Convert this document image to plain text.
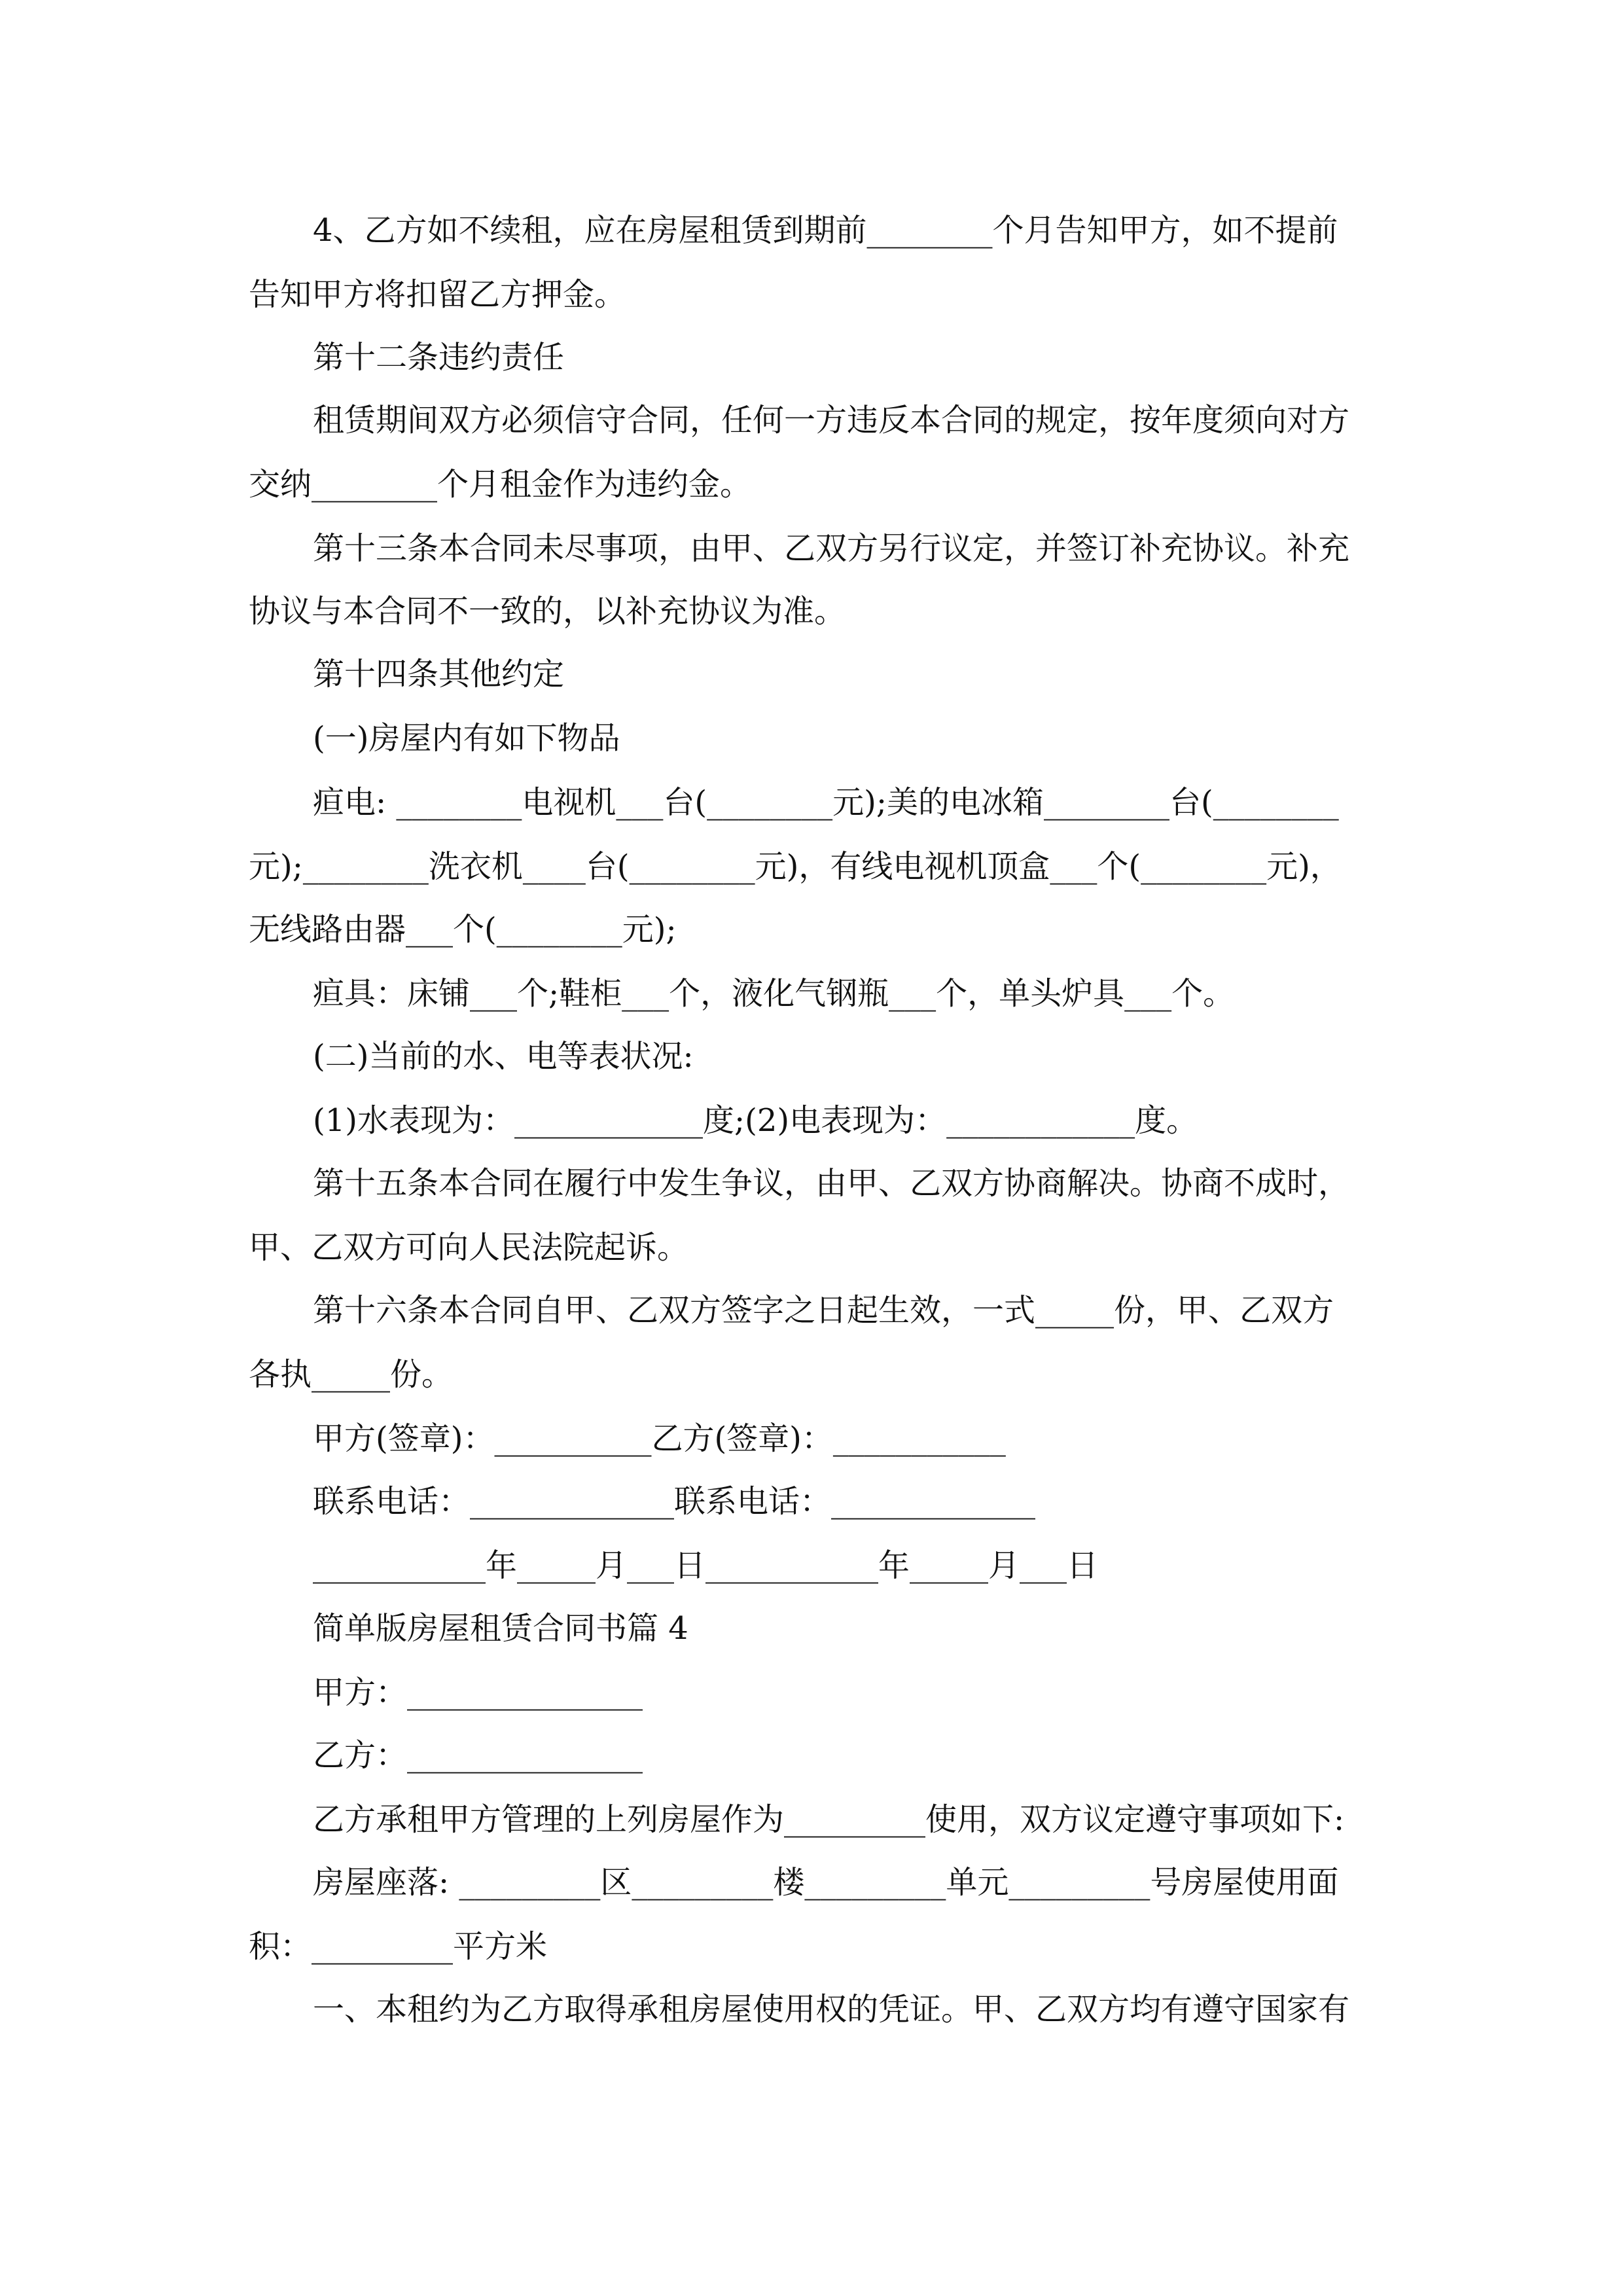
4、乙方如不续租，应在房屋租赁到期前________个月告知甲方，如不提前
告知甲方将扣留乙方押金。
第十二条违约责任
租赁期间双方必须信守合同，任何一方违反本合同的规定，按年度须向对方
交纳________个月租金作为违约金。
第十三条本合同未尽事项，由甲、乙双方另行议定，并签订补充协议。补充
协议与本合同不一致的，以补充协议为准。
第十四条其他约定
(一)房屋内有如下物品
疸电: ________电视机___台(________元);美的电冰箱________台(________
元);________洗衣机____台(________元)，有线电视机顶盒___个(________元)，
无线路由器___个(________元);
疸具：床铺___个;鞋柜___个，液化气钢瓶___个，单头炉具___个。
(二)当前的水、电等表状况:
(1)水表现为：____________度;(2)电表现为：____________度。
第十五条本合同在履行中发生争议，由甲、乙双方协商解决。协商不成时，
甲、乙双方可向人民法院起诉。
第十六条本合同自甲、乙双方签字之日起生效，一式_____份，甲、乙双方
各执_____份。
甲方(签章)：__________乙方(签章)：___________
联系电话：_____________联系电话：_____________
___________年_____月___日___________年_____月___日
简单版房屋租赁合同书篇 4
甲方：_______________
乙方：_______________
乙方承租甲方管理的上列房屋作为_________使用，双方议定遵守事项如下:
房屋座落: _________区_________楼_________单元_________号房屋使用面
积：_________平方米
一、本租约为乙方取得承租房屋使用权的凭证。甲、乙双方均有遵守国家有
